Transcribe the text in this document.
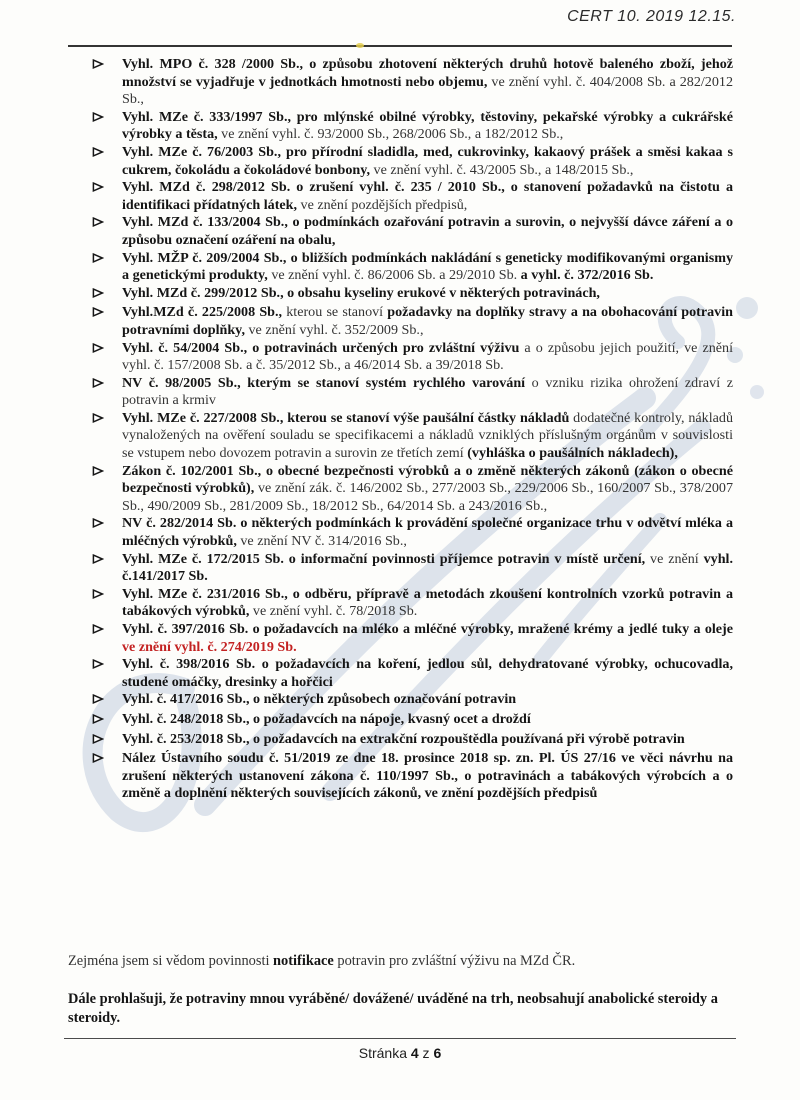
CERT 10. 2019 12.15.
Vyhl. MPO č. 328 /2000 Sb., o způsobu zhotovení některých druhů hotově baleného zboží, jehož množství se vyjadřuje v jednotkách hmotnosti nebo objemu, ve znění vyhl. č. 404/2008 Sb. a 282/2012 Sb.,
Vyhl. MZe č. 333/1997 Sb., pro mlýnské obilné výrobky, těstoviny, pekařské výrobky a cukrářské výrobky a těsta, ve znění vyhl. č. 93/2000 Sb., 268/2006 Sb., a 182/2012 Sb.,
Vyhl. MZe č. 76/2003 Sb., pro přírodní sladidla, med, cukrovinky, kakaový prášek a směsi kakaa s cukrem, čokoládu a čokoládové bonbony, ve znění vyhl. č. 43/2005 Sb., a 148/2015 Sb.,
Vyhl. MZd č. 298/2012 Sb. o zrušení vyhl. č. 235 / 2010 Sb., o stanovení požadavků na čistotu a identifikaci přídatných látek, ve znění pozdějších předpisů,
Vyhl. MZd č. 133/2004 Sb., o podmínkách ozařování potravin a surovin, o nejvyšší dávce záření a o způsobu označení ozáření na obalu,
Vyhl. MŽP č. 209/2004 Sb., o bližších podmínkách nakládání s geneticky modifikovanými organismy a genetickými produkty, ve znění vyhl. č. 86/2006 Sb. a 29/2010 Sb. a vyhl. č. 372/2016 Sb.
Vyhl. MZd č. 299/2012 Sb., o obsahu kyseliny erukové v některých potravinách,
Vyhl.MZd č. 225/2008 Sb., kterou se stanoví požadavky na doplňky stravy a na obohacování potravin potravními doplňky, ve znění vyhl. č. 352/2009 Sb.,
Vyhl. č. 54/2004 Sb., o potravinách určených pro zvláštní výživu a o způsobu jejich použití, ve znění vyhl. č. 157/2008 Sb. a č. 35/2012 Sb., a 46/2014 Sb. a 39/2018 Sb.
NV č. 98/2005 Sb., kterým se stanoví systém rychlého varování o vzniku rizika ohrožení zdraví z potravin a krmiv
Vyhl. MZe č. 227/2008 Sb., kterou se stanoví výše paušální částky nákladů dodatečné kontroly, nákladů vynaložených na ověření souladu se specifikacemi a nákladů vzniklých příslušným orgánům v souvislosti se vstupem nebo dovozem potravin a surovin ze třetích zemí (vyhláška o paušálních nákladech),
Zákon č. 102/2001 Sb., o obecné bezpečnosti výrobků a o změně některých zákonů (zákon o obecné bezpečnosti výrobků), ve znění zák. č. 146/2002 Sb., 277/2003 Sb., 229/2006 Sb., 160/2007 Sb., 378/2007 Sb., 490/2009 Sb., 281/2009 Sb., 18/2012 Sb., 64/2014 Sb. a 243/2016 Sb.,
NV č. 282/2014 Sb. o některých podmínkách k provádění společné organizace trhu v odvětví mléka a mléčných výrobků, ve znění NV č. 314/2016 Sb.,
Vyhl. MZe č. 172/2015 Sb. o informační povinnosti příjemce potravin v místě určení, ve znění vyhl. č.141/2017 Sb.
Vyhl. MZe č. 231/2016 Sb., o odběru, přípravě a metodách zkoušení kontrolních vzorků potravin a tabákových výrobků, ve znění vyhl. č. 78/2018 Sb.
Vyhl. č. 397/2016 Sb. o požadavcích na mléko a mléčné výrobky, mražené krémy a jedlé tuky a oleje ve znění vyhl. č. 274/2019 Sb.
Vyhl. č. 398/2016 Sb. o požadavcích na koření, jedlou sůl, dehydratované výrobky, ochucovadla, studené omáčky, dresinky a hořčici
Vyhl. č. 417/2016 Sb., o některých způsobech označování potravin
Vyhl. č. 248/2018 Sb., o požadavcích na nápoje, kvasný ocet a droždí
Vyhl. č. 253/2018 Sb., o požadavcích na extrakční rozpouštědla používaná při výrobě potravin
Nález Ústavního soudu č. 51/2019 ze dne 18. prosince 2018 sp. zn. Pl. ÚS 27/16 ve věci návrhu na zrušení některých ustanovení zákona č. 110/1997 Sb., o potravinách a tabákových výrobcích a o změně a doplnění některých souvisejících zákonů, ve znění pozdějších předpisů

Zejména jsem si vědom povinnosti notifikace potravin pro zvláštní výživu na MZd ČR.

Dále prohlašuji, že potraviny mnou vyráběné/ dovážené/ uváděné na trh, neobsahují anabolické steroidy a steroidy.

Stránka 4 z 6
